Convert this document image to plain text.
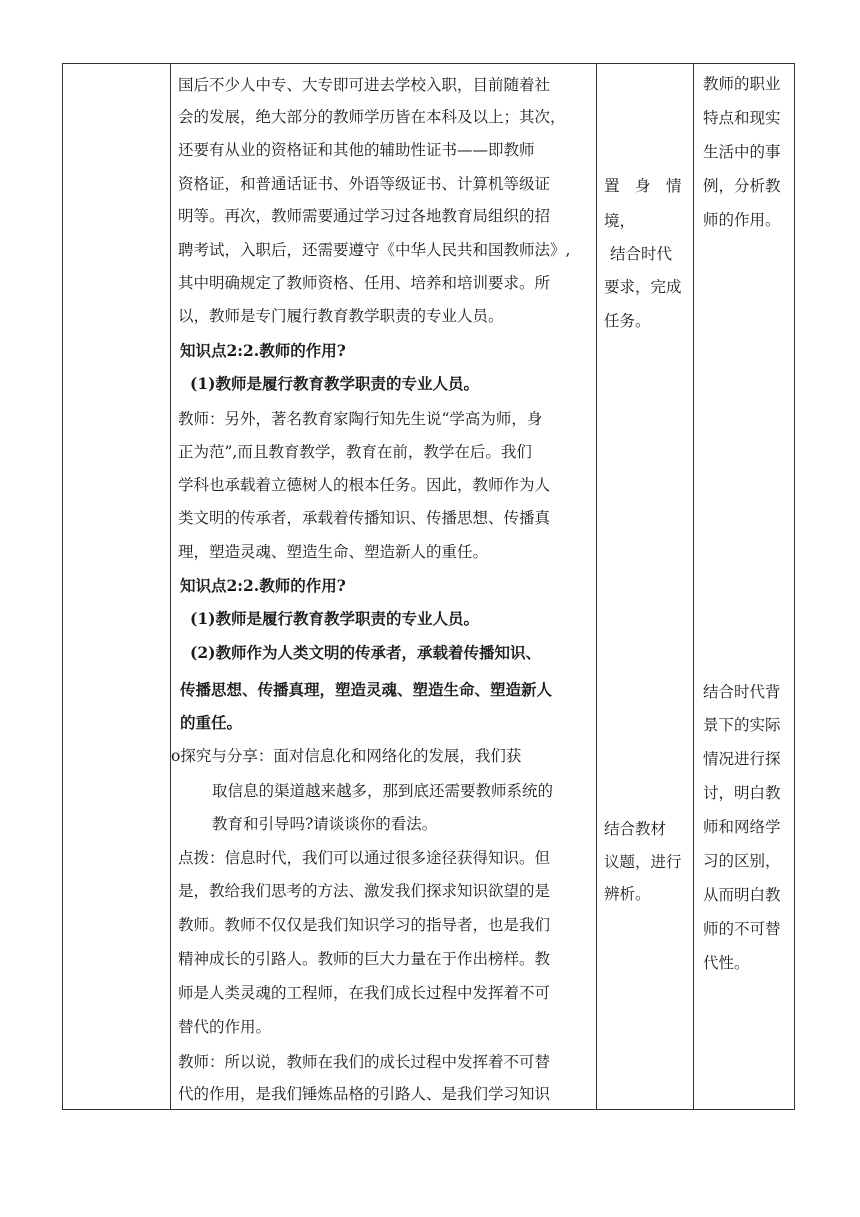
国后不少人中专、大专即可进去学校入职，目前随着社
会的发展，绝大部分的教师学历皆在本科及以上；其次，
还要有从业的资格证和其他的辅助性证书——即教师
资格证，和普通话证书、外语等级证书、计算机等级证
明等。再次，教师需要通过学习过各地教育局组织的招
聘考试，入职后，还需要遵守《中华人民共和国教师法》,
其中明确规定了教师资格、任用、培养和培训要求。所
以，教师是专门履行教育教学职责的专业人员。
知识点2:2.教师的作用?
(1)教师是履行教育教学职责的专业人员。
教师：另外，著名教育家陶行知先生说“学高为师，身
正为范”,而且教育教学，教育在前，教学在后。我们
学科也承载着立德树人的根本任务。因此，教师作为人
类文明的传承者，承载着传播知识、传播思想、传播真
理，塑造灵魂、塑造生命、塑造新人的重任。
知识点2:2.教师的作用?
(1)教师是履行教育教学职责的专业人员。
(2)教师作为人类文明的传承者，承载着传播知识、
传播思想、传播真理，塑造灵魂、塑造生命、塑造新人
的重任。
o探究与分享：面对信息化和网络化的发展，我们获
取信息的渠道越来越多，那到底还需要教师系统的
教育和引导吗?请谈谈你的看法。
点拨：信息时代，我们可以通过很多途径获得知识。但
是，教给我们思考的方法、激发我们探求知识欲望的是
教师。教师不仅仅是我们知识学习的指导者，也是我们
精神成长的引路人。教师的巨大力量在于作出榜样。教
师是人类灵魂的工程师，在我们成长过程中发挥着不可
替代的作用。
教师：所以说，教师在我们的成长过程中发挥着不可替
代的作用，是我们锤炼品格的引路人、是我们学习知识
置　身　情
境，
结合时代
要求，完成
任务。
结合教材
议题，进行
辨析。
教师的职业
特点和现实
生活中的事
例，分析教
师的作用。
结合时代背
景下的实际
情况进行探
讨，明白教
师和网络学
习的区别，
从而明白教
师的不可替
代性。
